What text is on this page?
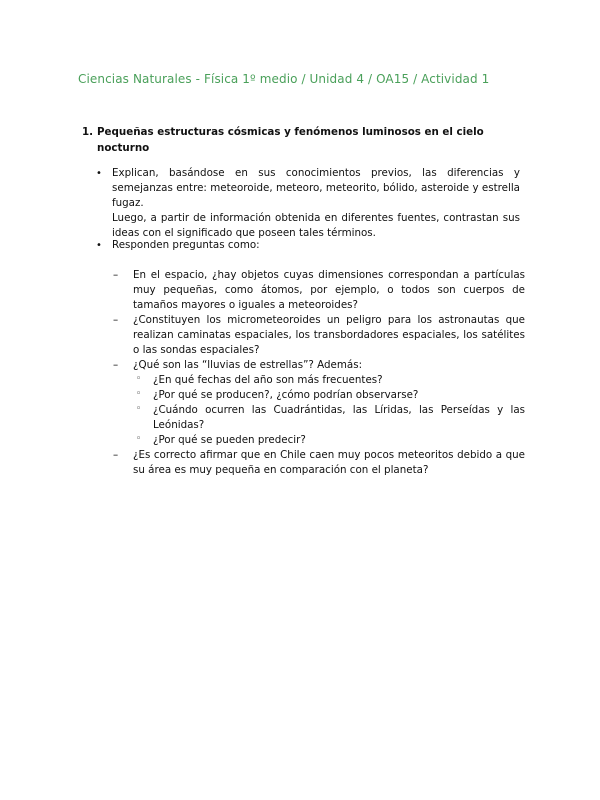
Ciencias Naturales - Física 1º medio / Unidad 4 / OA15 / Actividad 1
1. Pequeñas estructuras cósmicas y fenómenos luminosos en el cielo nocturno
• Explican, basándose en sus conocimientos previos, las diferencias y semejanzas entre: meteoroide, meteoro, meteorito, bólido, asteroide y estrella fugaz.
Luego, a partir de información obtenida en diferentes fuentes, contrastan sus ideas con el significado que poseen tales términos.
• Responden preguntas como:
– En el espacio, ¿hay objetos cuyas dimensiones correspondan a partículas muy pequeñas, como átomos, por ejemplo, o todos son cuerpos de tamaños mayores o iguales a meteoroides?
– ¿Constituyen los micrometeoroides un peligro para los astronautas que realizan caminatas espaciales, los transbordadores espaciales, los satélites o las sondas espaciales?
– ¿Qué son las “lluvias de estrellas”? Además:
◦ ¿En qué fechas del año son más frecuentes?
◦ ¿Por qué se producen?, ¿cómo podrían observarse?
◦ ¿Cuándo ocurren las Cuadrántidas, las Líridas, las Perseídas y las Leónidas?
◦ ¿Por qué se pueden predecir?
– ¿Es correcto afirmar que en Chile caen muy pocos meteoritos debido a que su área es muy pequeña en comparación con el planeta?
